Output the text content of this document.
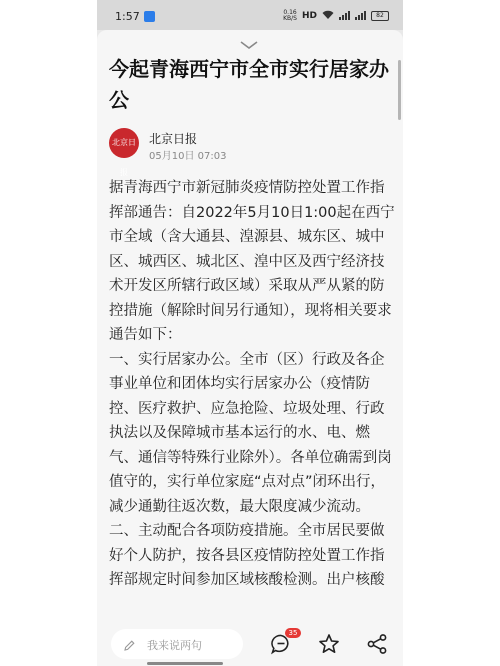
1:57	0.16
KB/S HD	82
今起青海西宁市全市实行居家办公
北京日报
北京日报
05月10日 07:03

据青海西宁市新冠肺炎疫情防控处置工作指挥部通告：自2022年5月10日1:00起在西宁市全域（含大通县、湟源县、城东区、城中区、城西区、城北区、湟中区及西宁经济技术开发区所辖行政区域）采取从严从紧的防控措施（解除时间另行通知），现将相关要求通告如下：

一、实行居家办公。全市（区）行政及各企事业单位和团体均实行居家办公（疫情防控、医疗救护、应急抢险、垃圾处理、行政执法以及保障城市基本运行的水、电、燃气、通信等特殊行业除外）。各单位确需到岗值守的，实行单位家庭“点对点”闭环出行，减少通勤往返次数，最大限度减少流动。

二、主动配合各项防疫措施。全市居民要做好个人防护，按各县区疫情防控处置工作指挥部规定时间参加区域核酸检测。出户核酸

我来说两句
35
